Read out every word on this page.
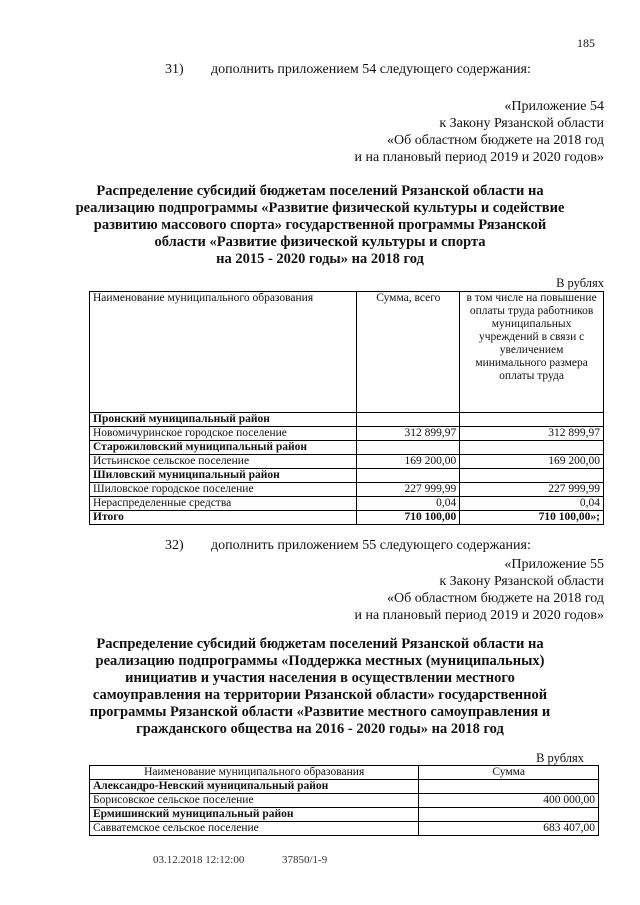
185
31) дополнить приложением 54 следующего содержания:
«Приложение 54
к Закону Рязанской области
«Об областном бюджете на 2018 год
и на плановый период 2019 и 2020 годов»
Распределение субсидий бюджетам поселений Рязанской области на
реализацию подпрограммы «Развитие физической культуры и содействие
развитию массового спорта» государственной программы Рязанской
области «Развитие физической культуры и спорта
на 2015 - 2020 годы» на 2018 год
В рублях
Наименование муниципального образования	Сумма, всего	в том числе на повышение оплаты труда работников муниципальных учреждений в связи с увеличением минимального размера оплаты труда
Пронский муниципальный район		
Новомичуринское городское поселение	312 899,97	312 899,97
Старожиловский муниципальный район		
Истьинское сельское поселение	169 200,00	169 200,00
Шиловский муниципальный район		
Шиловское городское поселение	227 999,99	227 999,99
Нераспределенные средства	0,04	0,04
Итого	710 100,00	710 100,00»;
32) дополнить приложением 55 следующего содержания:
«Приложение 55
к Закону Рязанской области
«Об областном бюджете на 2018 год
и на плановый период 2019 и 2020 годов»
Распределение субсидий бюджетам поселений Рязанской области на
реализацию подпрограммы «Поддержка местных (муниципальных)
инициатив и участия населения в осуществлении местного
самоуправления на территории Рязанской области» государственной
программы Рязанской области «Развитие местного самоуправления и
гражданского общества на 2016 - 2020 годы» на 2018 год
В рублях
Наименование муниципального образования	Сумма
Александро-Невский муниципальный район	
Борисовское сельское поселение	400 000,00
Ермишинский муниципальный район	
Савватемское сельское поселение	683 407,00
03.12.2018 12:12:00	37850/1-9
